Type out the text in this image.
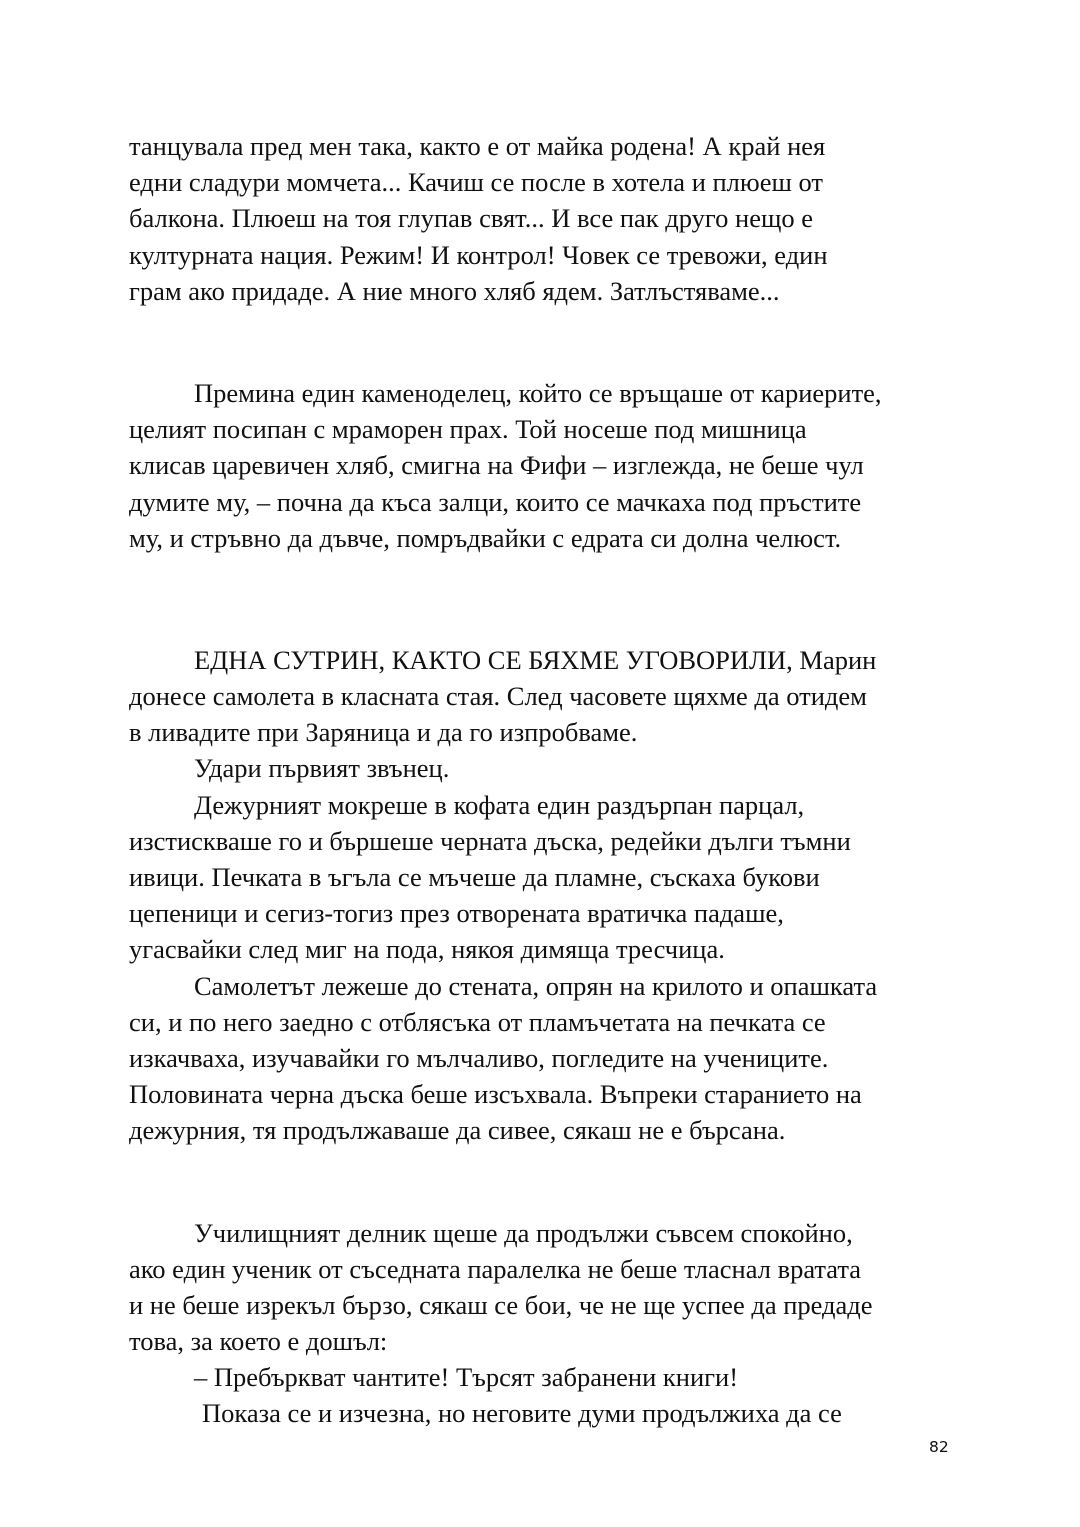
танцувала пред мен така, както е от майка родена! А край нея
едни сладури момчета... Качиш се после в хотела и плюеш от
балкона. Плюеш на тоя глупав свят... И все пак друго нещо е
културната нация. Режим! И контрол! Човек се тревожи, един
грам ако придаде. А ние много хляб ядем. Затлъстяваме...
Премина един каменоделец, който се връщаше от кариерите,
целият посипан с мраморен прах. Той носеше под мишница
клисав царевичен хляб, смигна на Фифи – изглежда, не беше чул
думите му, – почна да къса залци, които се мачкаха под пръстите
му, и стръвно да дъвче, помръдвайки с едрата си долна челюст.
ЕДНА СУТРИН, КАКТО СЕ БЯХМЕ УГОВОРИЛИ, Марин
донесе самолета в класната стая. След часовете щяхме да отидем
в ливадите при Заряница и да го изпробваме.
Удари първият звънец.
Дежурният мокреше в кофата един раздърпан парцал,
изстискваше го и бършеше черната дъска, редейки дълги тъмни
ивици. Печката в ъгъла се мъчеше да пламне, съскаха букови
цепеници и сегиз-тогиз през отворената вратичка падаше,
угасвайки след миг на пода, някоя димяща тресчица.
Самолетът лежеше до стената, опрян на крилото и опашката
си, и по него заедно с отблясъка от пламъчетата на печката се
изкачваха, изучавайки го мълчаливо, погледите на учениците.
Половината черна дъска беше изсъхвала. Въпреки старанието на
дежурния, тя продължаваше да сивее, сякаш не е бърсана.
Училищният делник щеше да продължи съвсем спокойно,
ако един ученик от съседната паралелка не беше тласнал вратата
и не беше изрекъл бързо, сякаш се бои, че не ще успее да предаде
това, за което е дошъл:
– Пребъркват чантите! Търсят забранени книги!
Показа се и изчезна, но неговите думи продължиха да се
82
